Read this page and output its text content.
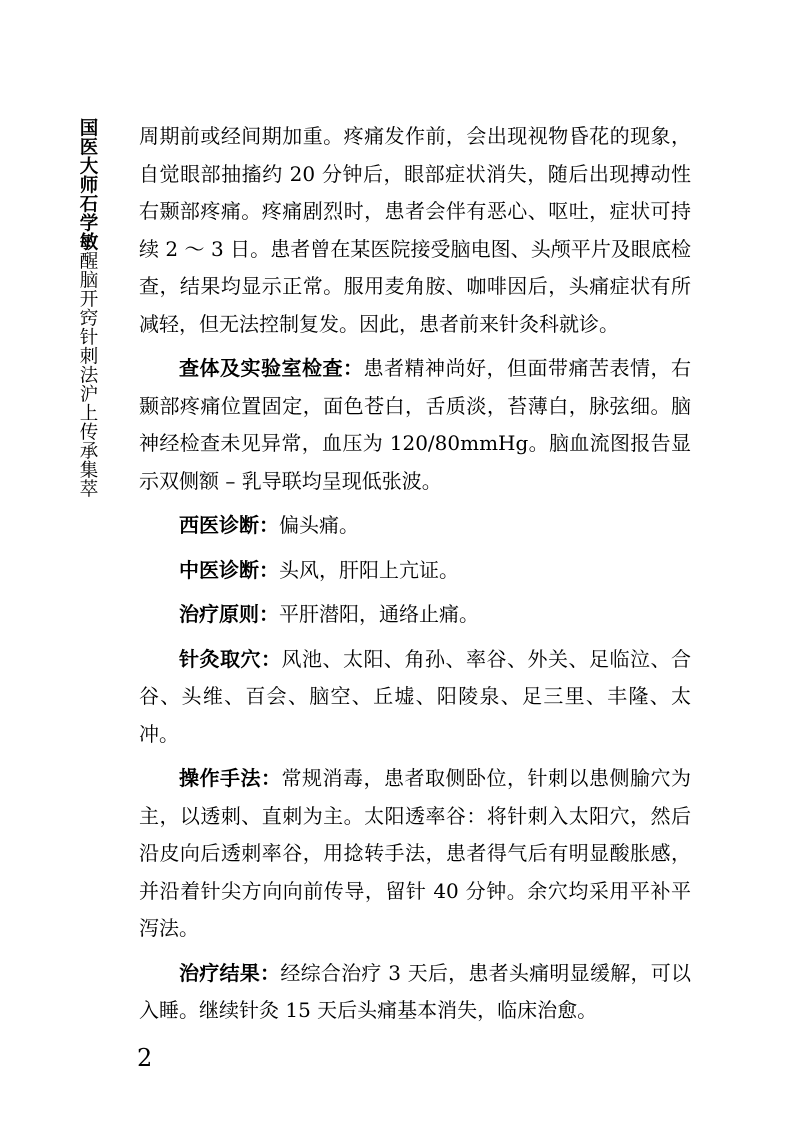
国医大师石学敏醒脑开窍针刺法沪上传承集萃

周期前或经间期加重。疼痛发作前，会出现视物昏花的现象，自觉眼部抽搐约 20 分钟后，眼部症状消失，随后出现搏动性右颞部疼痛。疼痛剧烈时，患者会伴有恶心、呕吐，症状可持续 2 ～ 3 日。患者曾在某医院接受脑电图、头颅平片及眼底检查，结果均显示正常。服用麦角胺、咖啡因后，头痛症状有所减轻，但无法控制复发。因此，患者前来针灸科就诊。

查体及实验室检查：患者精神尚好，但面带痛苦表情，右颞部疼痛位置固定，面色苍白，舌质淡，苔薄白，脉弦细。脑神经检查未见异常，血压为 120/80mmHg。脑血流图报告显示双侧额 – 乳导联均呈现低张波。

西医诊断：偏头痛。

中医诊断：头风，肝阳上亢证。

治疗原则：平肝潜阳，通络止痛。

针灸取穴：风池、太阳、角孙、率谷、外关、足临泣、合谷、头维、百会、脑空、丘墟、阳陵泉、足三里、丰隆、太冲。

操作手法：常规消毒，患者取侧卧位，针刺以患侧腧穴为主，以透刺、直刺为主。太阳透率谷：将针刺入太阳穴，然后沿皮向后透刺率谷，用捻转手法，患者得气后有明显酸胀感，并沿着针尖方向向前传导，留针 40 分钟。余穴均采用平补平泻法。

治疗结果：经综合治疗 3 天后，患者头痛明显缓解，可以入睡。继续针灸 15 天后头痛基本消失，临床治愈。

2
